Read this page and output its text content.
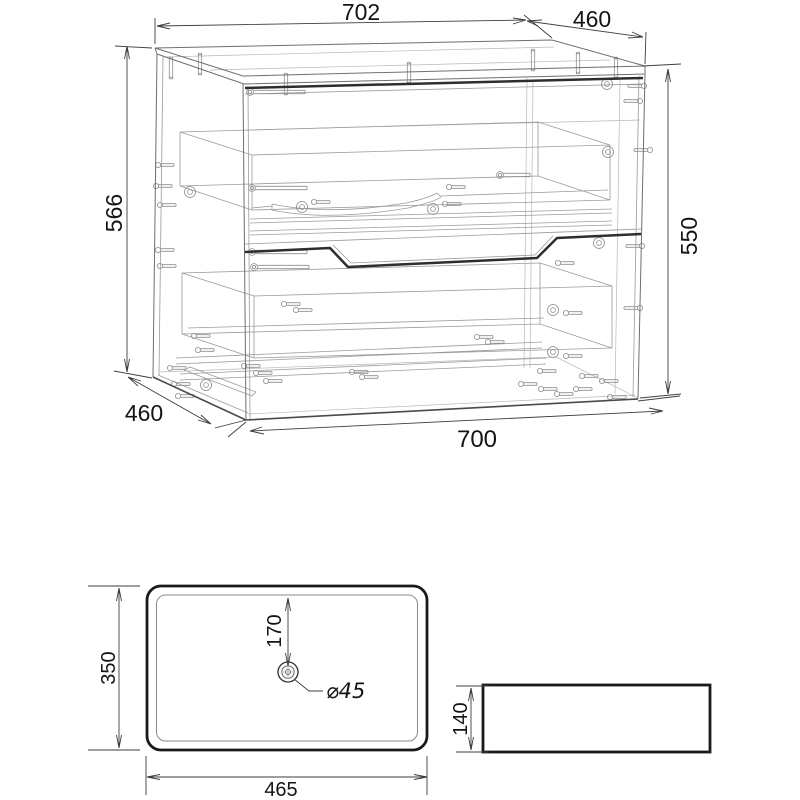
702	460
566
550
460
700
350
170
⌀45
465
140
